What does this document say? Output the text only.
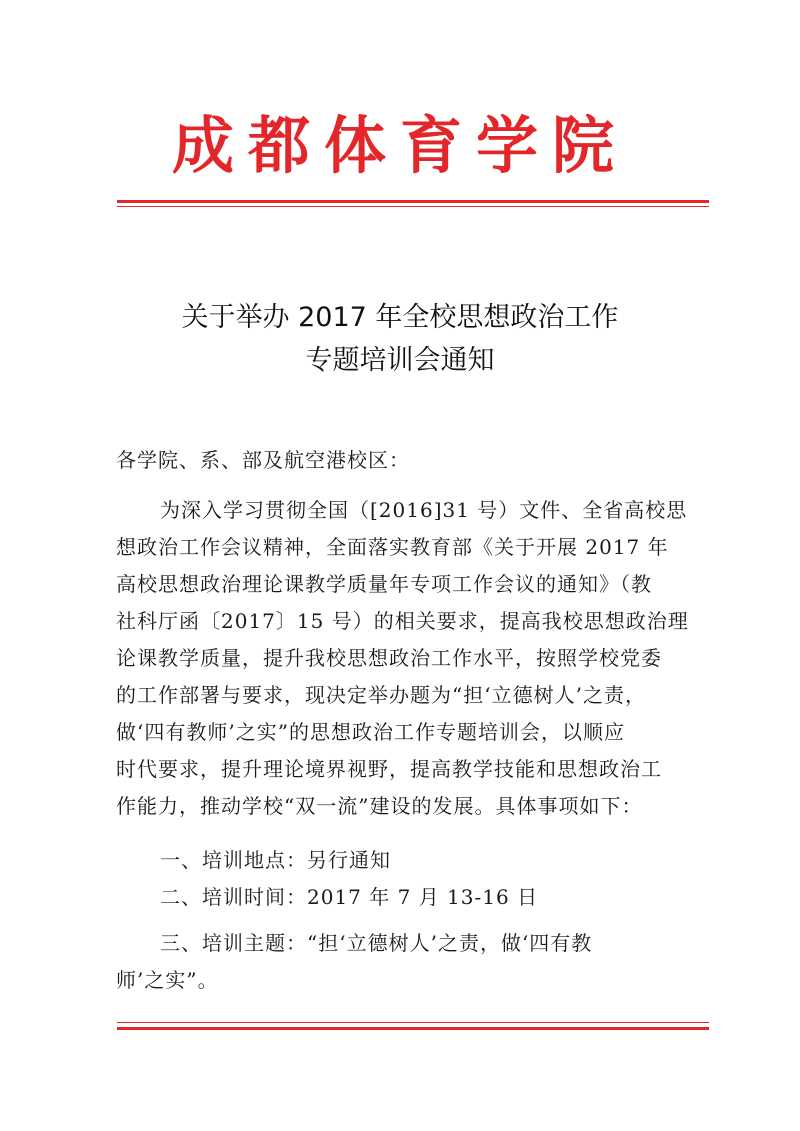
成都体育学院
关于举办 2017 年全校思想政治工作
专题培训会通知
各学院、系、部及航空港校区：
为深入学习贯彻全国（[2016]31 号）文件、全省高校思
想政治工作会议精神，全面落实教育部《关于开展 2017 年
高校思想政治理论课教学质量年专项工作会议的通知》（教
社科厅函〔2017〕15 号）的相关要求，提高我校思想政治理
论课教学质量，提升我校思想政治工作水平，按照学校党委
的工作部署与要求，现决定举办题为“担‘立德树人’之责，
做‘四有教师’之实”的思想政治工作专题培训会，以顺应
时代要求，提升理论境界视野，提高教学技能和思想政治工
作能力，推动学校“双一流”建设的发展。具体事项如下：
一、培训地点：另行通知
二、培训时间：2017 年 7 月 13-16 日
三、培训主题：“担‘立德树人’之责，做‘四有教
师’之实”。
